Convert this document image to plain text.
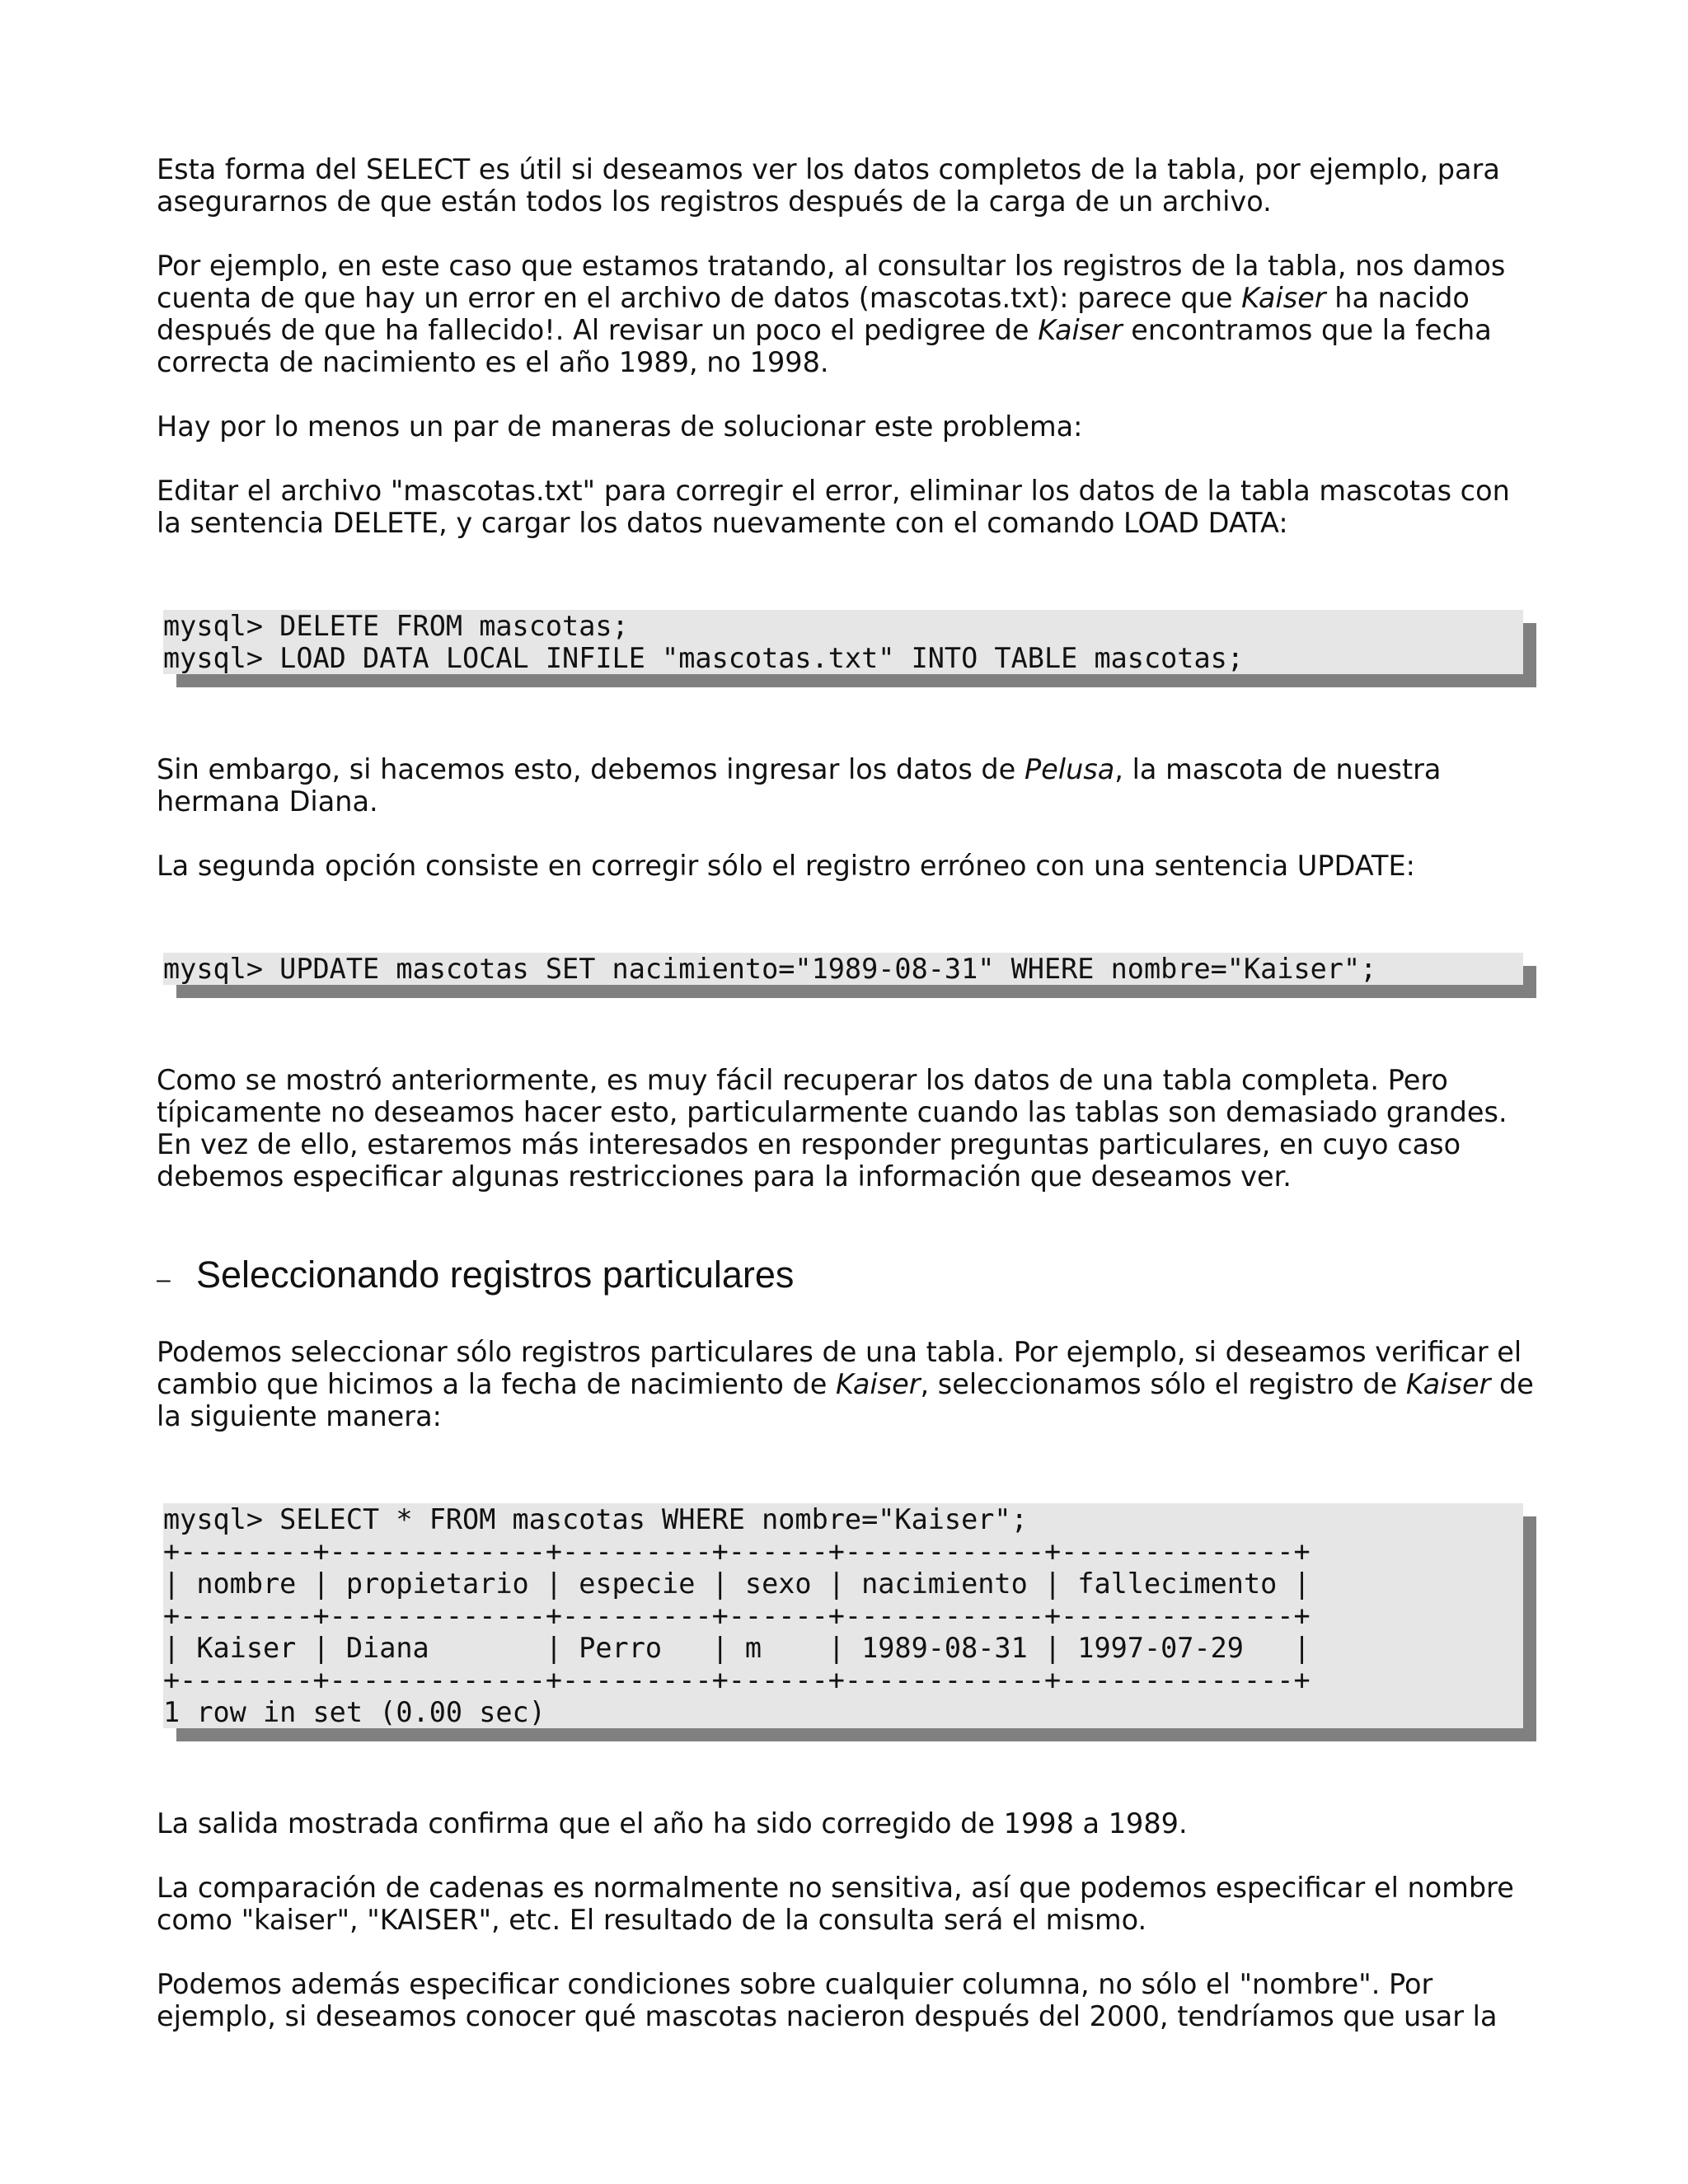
Esta forma del SELECT es útil si deseamos ver los datos completos de la tabla, por ejemplo, para asegurarnos de que están todos los registros después de la carga de un archivo.

Por ejemplo, en este caso que estamos tratando, al consultar los registros de la tabla, nos damos cuenta de que hay un error en el archivo de datos (mascotas.txt): parece que Kaiser ha nacido después de que ha fallecido!. Al revisar un poco el pedigree de Kaiser encontramos que la fecha correcta de nacimiento es el año 1989, no 1998.

Hay por lo menos un par de maneras de solucionar este problema:

Editar el archivo "mascotas.txt" para corregir el error, eliminar los datos de la tabla mascotas con la sentencia DELETE, y cargar los datos nuevamente con el comando LOAD DATA:

mysql> DELETE FROM mascotas;
mysql> LOAD DATA LOCAL INFILE "mascotas.txt" INTO TABLE mascotas;

Sin embargo, si hacemos esto, debemos ingresar los datos de Pelusa, la mascota de nuestra hermana Diana.

La segunda opción consiste en corregir sólo el registro erróneo con una sentencia UPDATE:

mysql> UPDATE mascotas SET nacimiento="1989-08-31" WHERE nombre="Kaiser";

Como se mostró anteriormente, es muy fácil recuperar los datos de una tabla completa. Pero típicamente no deseamos hacer esto, particularmente cuando las tablas son demasiado grandes. En vez de ello, estaremos más interesados en responder preguntas particulares, en cuyo caso debemos especificar algunas restricciones para la información que deseamos ver.

– Seleccionando registros particulares

Podemos seleccionar sólo registros particulares de una tabla. Por ejemplo, si deseamos verificar el cambio que hicimos a la fecha de nacimiento de Kaiser, seleccionamos sólo el registro de Kaiser de la siguiente manera:

mysql> SELECT * FROM mascotas WHERE nombre="Kaiser";
+--------+-------------+---------+------+------------+--------------+
| nombre | propietario | especie | sexo | nacimiento | fallecimento |
+--------+-------------+---------+------+------------+--------------+
| Kaiser | Diana       | Perro   | m    | 1989-08-31 | 1997-07-29   |
+--------+-------------+---------+------+------------+--------------+
1 row in set (0.00 sec)

La salida mostrada confirma que el año ha sido corregido de 1998 a 1989.

La comparación de cadenas es normalmente no sensitiva, así que podemos especificar el nombre como "kaiser", "KAISER", etc. El resultado de la consulta será el mismo.

Podemos además especificar condiciones sobre cualquier columna, no sólo el "nombre". Por ejemplo, si deseamos conocer qué mascotas nacieron después del 2000, tendríamos que usar la
